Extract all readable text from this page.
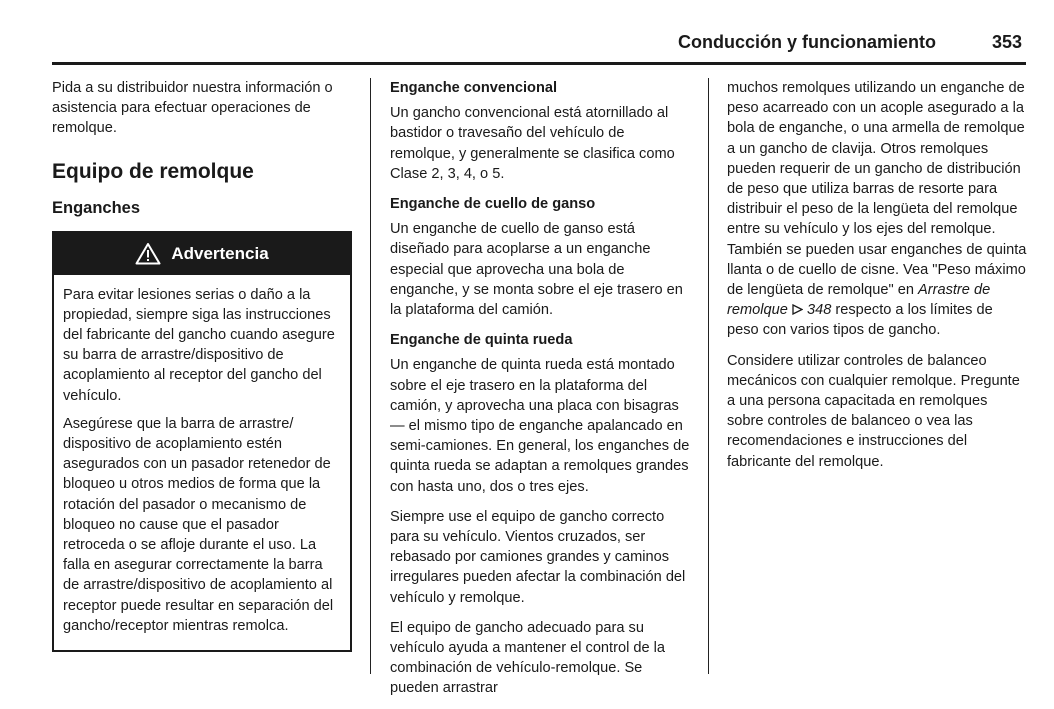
Conducción y funcionamiento	353

Pida a su distribuidor nuestra información o asistencia para efectuar operaciones de remolque.

Equipo de remolque
Enganches
Advertencia

Para evitar lesiones serias o daño a la propiedad, siempre siga las instrucciones del fabricante del gancho cuando asegure su barra de arrastre/dispositivo de acoplamiento al receptor del gancho del vehículo.

Asegúrese que la barra de arrastre/ dispositivo de acoplamiento estén asegurados con un pasador retenedor de bloqueo u otros medios de forma que la rotación del pasador o mecanismo de bloqueo no cause que el pasador retroceda o se afloje durante el uso. La falla en asegurar correctamente la barra de arrastre/dispositivo de acoplamiento al receptor puede resultar en separación del gancho/receptor mientras remolca.

Enganche convencional

Un gancho convencional está atornillado al bastidor o travesaño del vehículo de remolque, y generalmente se clasifica como Clase 2, 3, 4, o 5.

Enganche de cuello de ganso

Un enganche de cuello de ganso está diseñado para acoplarse a un enganche especial que aprovecha una bola de enganche, y se monta sobre el eje trasero en la plataforma del camión.

Enganche de quinta rueda

Un enganche de quinta rueda está montado sobre el eje trasero en la plataforma del camión, y aprovecha una placa con bisagras — el mismo tipo de enganche apalancado en semi-camiones. En general, los enganches de quinta rueda se adaptan a remolques grandes con hasta uno, dos o tres ejes.

Siempre use el equipo de gancho correcto para su vehículo. Vientos cruzados, ser rebasado por camiones grandes y caminos irregulares pueden afectar la combinación del vehículo y remolque.

El equipo de gancho adecuado para su vehículo ayuda a mantener el control de la combinación de vehículo-remolque. Se pueden arrastrar

muchos remolques utilizando un enganche de peso acarreado con un acople asegurado a la bola de enganche, o una armella de remolque a un gancho de clavija. Otros remolques pueden requerir de un gancho de distribución de peso que utiliza barras de resorte para distribuir el peso de la lengüeta del remolque entre su vehículo y los ejes del remolque. También se pueden usar enganches de quinta llanta o de cuello de cisne. Vea "Peso máximo de lengüeta de remolque" en Arrastre de remolque 348 respecto a los límites de peso con varios tipos de gancho.

Considere utilizar controles de balanceo mecánicos con cualquier remolque. Pregunte a una persona capacitada en remolques sobre controles de balanceo o vea las recomendaciones e instrucciones del fabricante del remolque.
